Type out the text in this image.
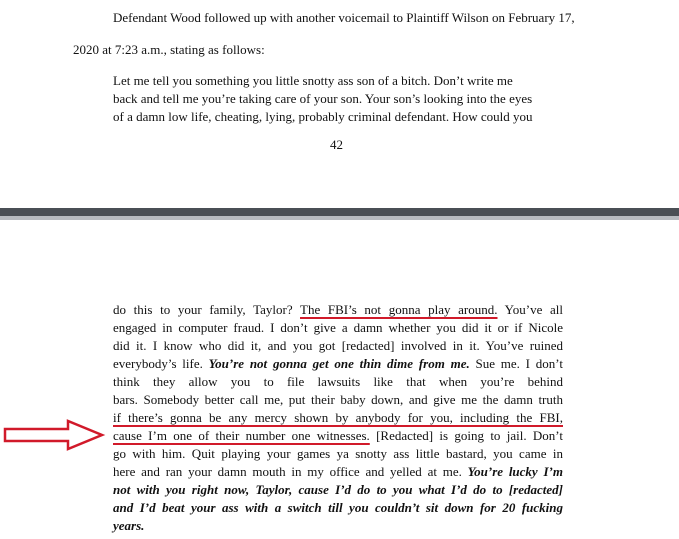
Defendant Wood followed up with another voicemail to Plaintiff Wilson on February 17,
2020 at 7:23 a.m., stating as follows:
Let me tell you something you little snotty ass son of a bitch. Don’t write me
back and tell me you’re taking care of your son. Your son’s looking into the eyes
of a damn low life, cheating, lying, probably criminal defendant. How could you
42
do this to your family, Taylor? The FBI’s not gonna play around. You’ve all
engaged in computer fraud. I don’t give a damn whether you did it or if Nicole
did it. I know who did it, and you got [redacted] involved in it. You’ve ruined
everybody’s life. You’re not gonna get one thin dime from me. Sue me. I don’t
think they allow you to file lawsuits like that when you’re behind
bars. Somebody better call me, put their baby down, and give me the damn truth
if there’s gonna be any mercy shown by anybody for you, including the FBI,
cause I’m one of their number one witnesses. [Redacted] is going to jail. Don’t
go with him. Quit playing your games ya snotty ass little bastard, you came in
here and ran your damn mouth in my office and yelled at me. You’re lucky I’m
not with you right now, Taylor, cause I’d do to you what I’d do to [redacted]
and I’d beat your ass with a switch till you couldn’t sit down for 20 fucking
years.
